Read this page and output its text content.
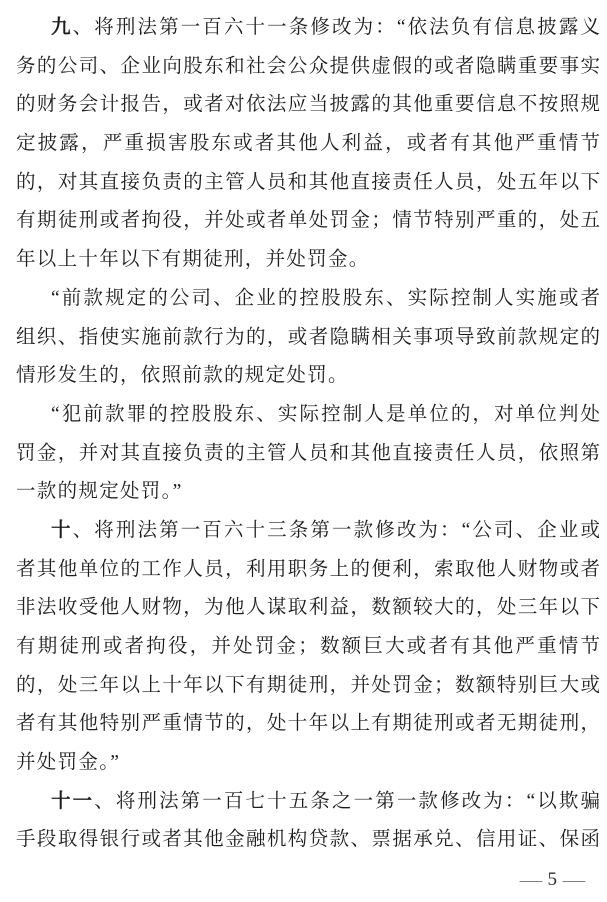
九、将刑法第一百六十一条修改为：“依法负有信息披露义
务的公司、企业向股东和社会公众提供虚假的或者隐瞒重要事实
的财务会计报告，或者对依法应当披露的其他重要信息不按照规
定披露，严重损害股东或者其他人利益，或者有其他严重情节
的，对其直接负责的主管人员和其他直接责任人员，处五年以下
有期徒刑或者拘役，并处或者单处罚金；情节特别严重的，处五
年以上十年以下有期徒刑，并处罚金。
“前款规定的公司、企业的控股股东、实际控制人实施或者
组织、指使实施前款行为的，或者隐瞒相关事项导致前款规定的
情形发生的，依照前款的规定处罚。
“犯前款罪的控股股东、实际控制人是单位的，对单位判处
罚金，并对其直接负责的主管人员和其他直接责任人员，依照第
一款的规定处罚。”
十、将刑法第一百六十三条第一款修改为：“公司、企业或
者其他单位的工作人员，利用职务上的便利，索取他人财物或者
非法收受他人财物，为他人谋取利益，数额较大的，处三年以下
有期徒刑或者拘役，并处罚金；数额巨大或者有其他严重情节
的，处三年以上十年以下有期徒刑，并处罚金；数额特别巨大或
者有其他特别严重情节的，处十年以上有期徒刑或者无期徒刑，
并处罚金。”
十一、将刑法第一百七十五条之一第一款修改为：“以欺骗
手段取得银行或者其他金融机构贷款、票据承兑、信用证、保函
— 5 —
